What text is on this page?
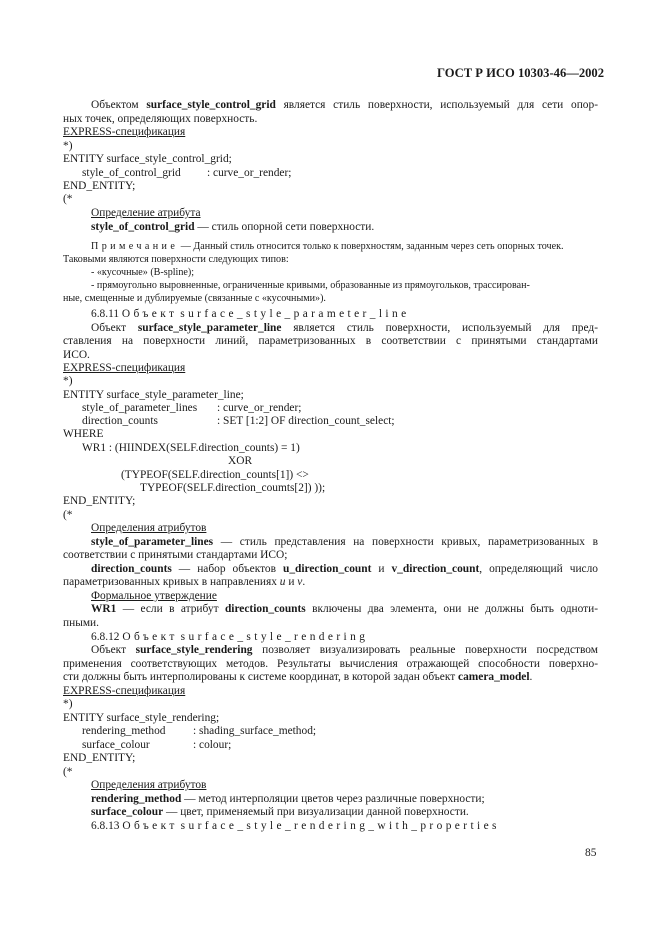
ГОСТ Р ИСО 10303-46—2002
Объектом surface_style_control_grid является стиль поверхности, используемый для сети опор-
ных точек, определяющих поверхность.
EXPRESS-спецификация
*)
ENTITY surface_style_control_grid;
style_of_control_grid : curve_or_render;
END_ENTITY;
(*
Определение атрибута
style_of_control_grid — стиль опорной сети поверхности.
Примечание — Данный стиль относится только к поверхностям, заданным через сеть опорных точек.
Таковыми являются поверхности следующих типов:
- «кусочные» (B-spline);
- прямоугольно выровненные, ограниченные кривыми, образованные из прямоугольков, трассирован-
ные, смещенные и дублируемые (связанные с «кусочными»).
6.8.11 Объект surface_style_parameter_line
Объект surface_style_parameter_line является стиль поверхности, используемый для пред-
ставления на поверхности линий, параметризованных в соответствии с принятыми стандартами
ИСО.
EXPRESS-спецификация
*)
ENTITY surface_style_parameter_line;
style_of_parameter_lines : curve_or_render;
direction_counts	: SET [1:2] OF direction_count_select;
WHERE
WR1 : (HIINDEX(SELF.direction_counts) = 1)
XOR
(TYPEOF(SELF.direction_counts[1]) <>
TYPEOF(SELF.direction_coumts[2]) ));
END_ENTITY;
(*
Определения атрибутов
style_of_parameter_lines — стиль представления на поверхности кривых, параметризованных в
соответствии с принятыми стандартами ИСО;
direction_counts — набор объектов u_direction_count и v_direction_count, определяющий число
параметризованных кривых в направлениях u и v.
Формальное утверждение
WR1 — если в атрибут direction_counts включены два элемента, они не должны быть одноти-
пными.
6.8.12 Объект surface_style_rendering
Объект surface_style_rendering позволяет визуализировать реальные поверхности посредством
применения соответствующих методов. Результаты вычисления отражающей способности поверхно-
сти должны быть интерполированы к системе координат, в которой задан объект camera_model.
EXPRESS-спецификация
*)
ENTITY surface_style_rendering;
rendering_method : shading_surface_method;
surface_colour	: colour;
END_ENTITY;
(*
Определения атрибутов
rendering_method — метод интерполяции цветов через различные поверхности;
surface_colour — цвет, применяемый при визуализации данной поверхности.
6.8.13 Объект surface_style_rendering_with_properties
85
